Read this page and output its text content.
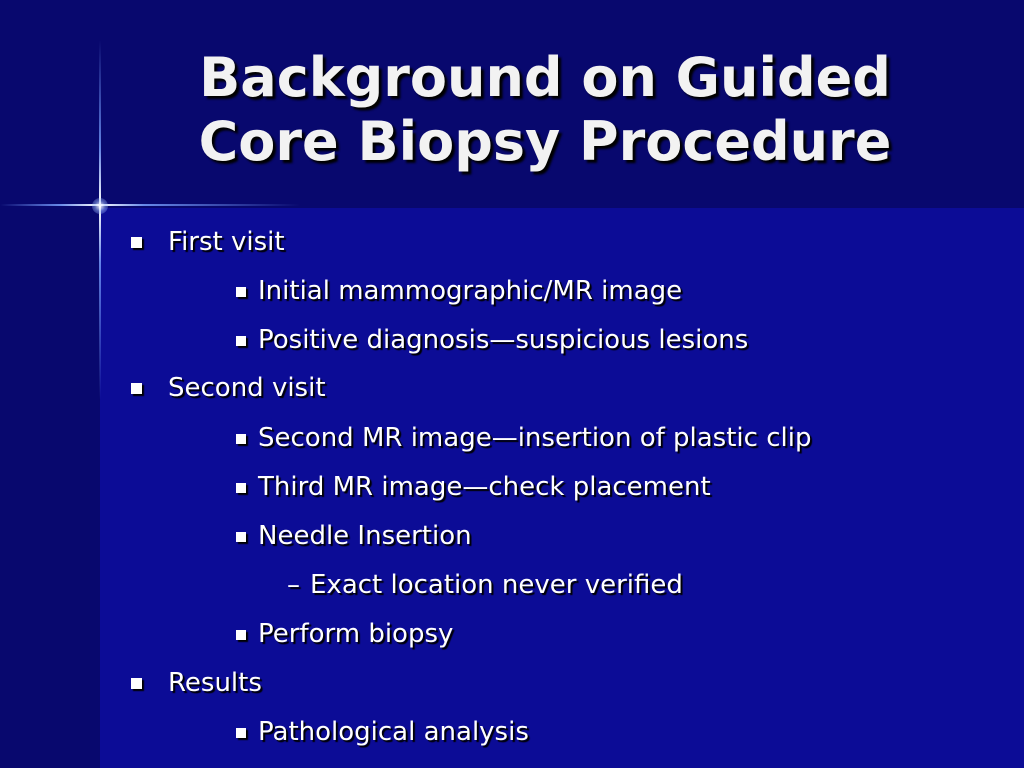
Background on Guided
Core Biopsy Procedure
First visit
Initial mammographic/MR image
Positive diagnosis—suspicious lesions
Second visit
Second MR image—insertion of plastic clip
Third MR image—check placement
Needle Insertion
– Exact location never verified
Perform biopsy
Results
Pathological analysis
